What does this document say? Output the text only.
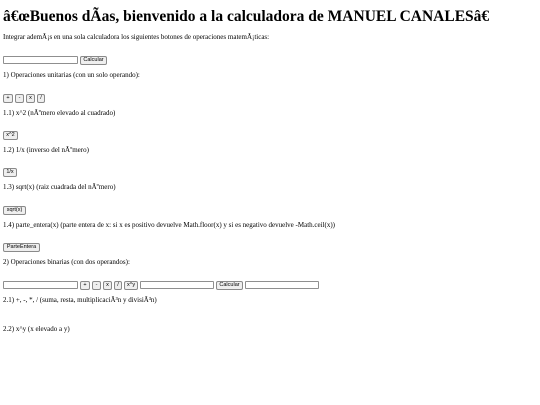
â€œBuenos dÃas, bienvenido a la calculadora de MANUEL CANALESâ€
Integrar ademÃ¡s en una sola calculadora los siguientes botones de operaciones matemÃ¡ticas:
Calcular
1) Operaciones unitarias (con un solo operando):
+	-	x	/
1.1) x^2 (nÃºmero elevado al cuadrado)
x^2
1.2) 1/x (inverso del nÃºmero)
1/x
1.3) sqrt(x) (raiz cuadrada del nÃºmero)
sqrt(x)
1.4) parte_entera(x) (parte entera de x: si x es positivo devuelve Math.floor(x) y si es negativo devuelve -Math.ceil(x))
ParteEntera
2) Operaciones binarias (con dos operandos):
+	-	x	/	x^y	Calcular
2.1) +, -, *, / (suma, resta, multiplicaciÃ³n y divisiÃ³n)
2.2) x^y (x elevado a y)
